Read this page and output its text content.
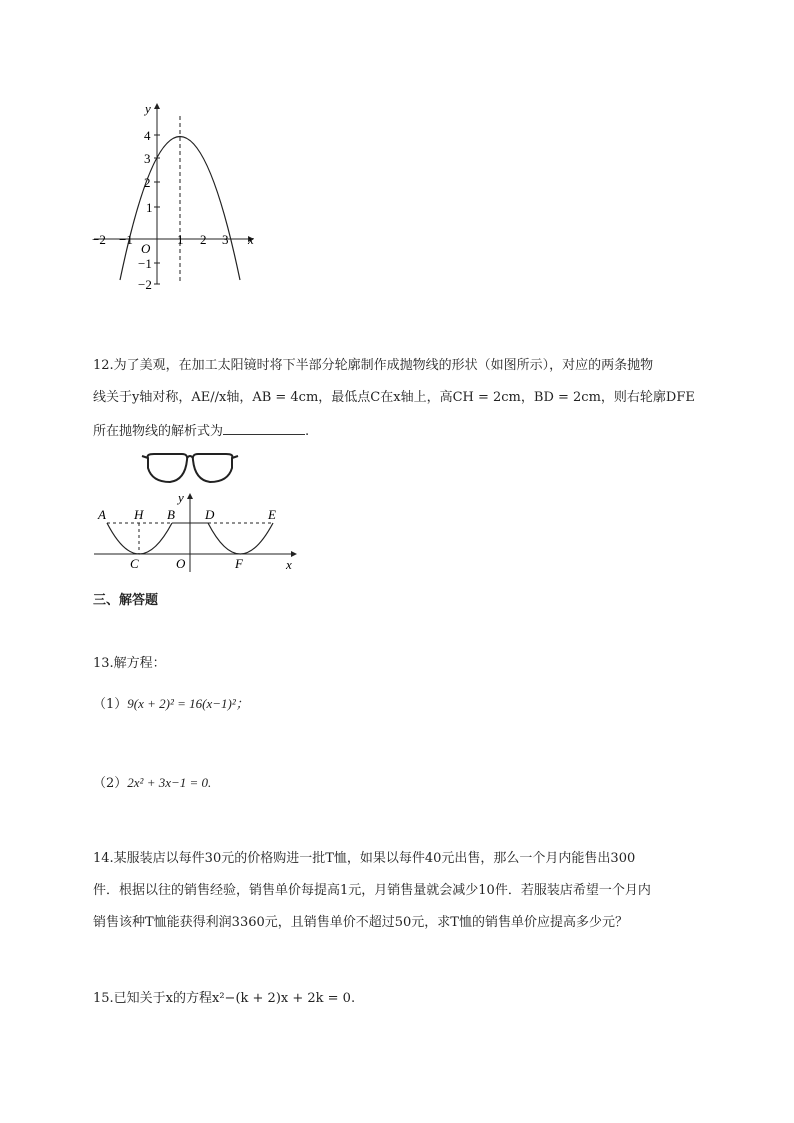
y
x
O
−2 −1	1 2 3
4
3
2
1
−1
−2
12.为了美观，在加工太阳镜时将下半部分轮廓制作成抛物线的形状（如图所示），对应的两条抛物
线关于y轴对称，AE//x轴，AB = 4cm，最低点C在x轴上，高CH = 2cm，BD = 2cm，则右轮廓DFE
所在抛物线的解析式为	.
A H B D	E
y
C	O	F	x
三、解答题
13.解方程：
（1）9(x + 2)² = 16(x−1)²；
（2）2x² + 3x−1 = 0.
14.某服装店以每件30元的价格购进一批T恤，如果以每件40元出售，那么一个月内能售出300
件．根据以往的销售经验，销售单价每提高1元，月销售量就会减少10件．若服装店希望一个月内
销售该种T恤能获得利润3360元，且销售单价不超过50元，求T恤的销售单价应提高多少元？
15.已知关于x的方程x²−(k + 2)x + 2k = 0.
